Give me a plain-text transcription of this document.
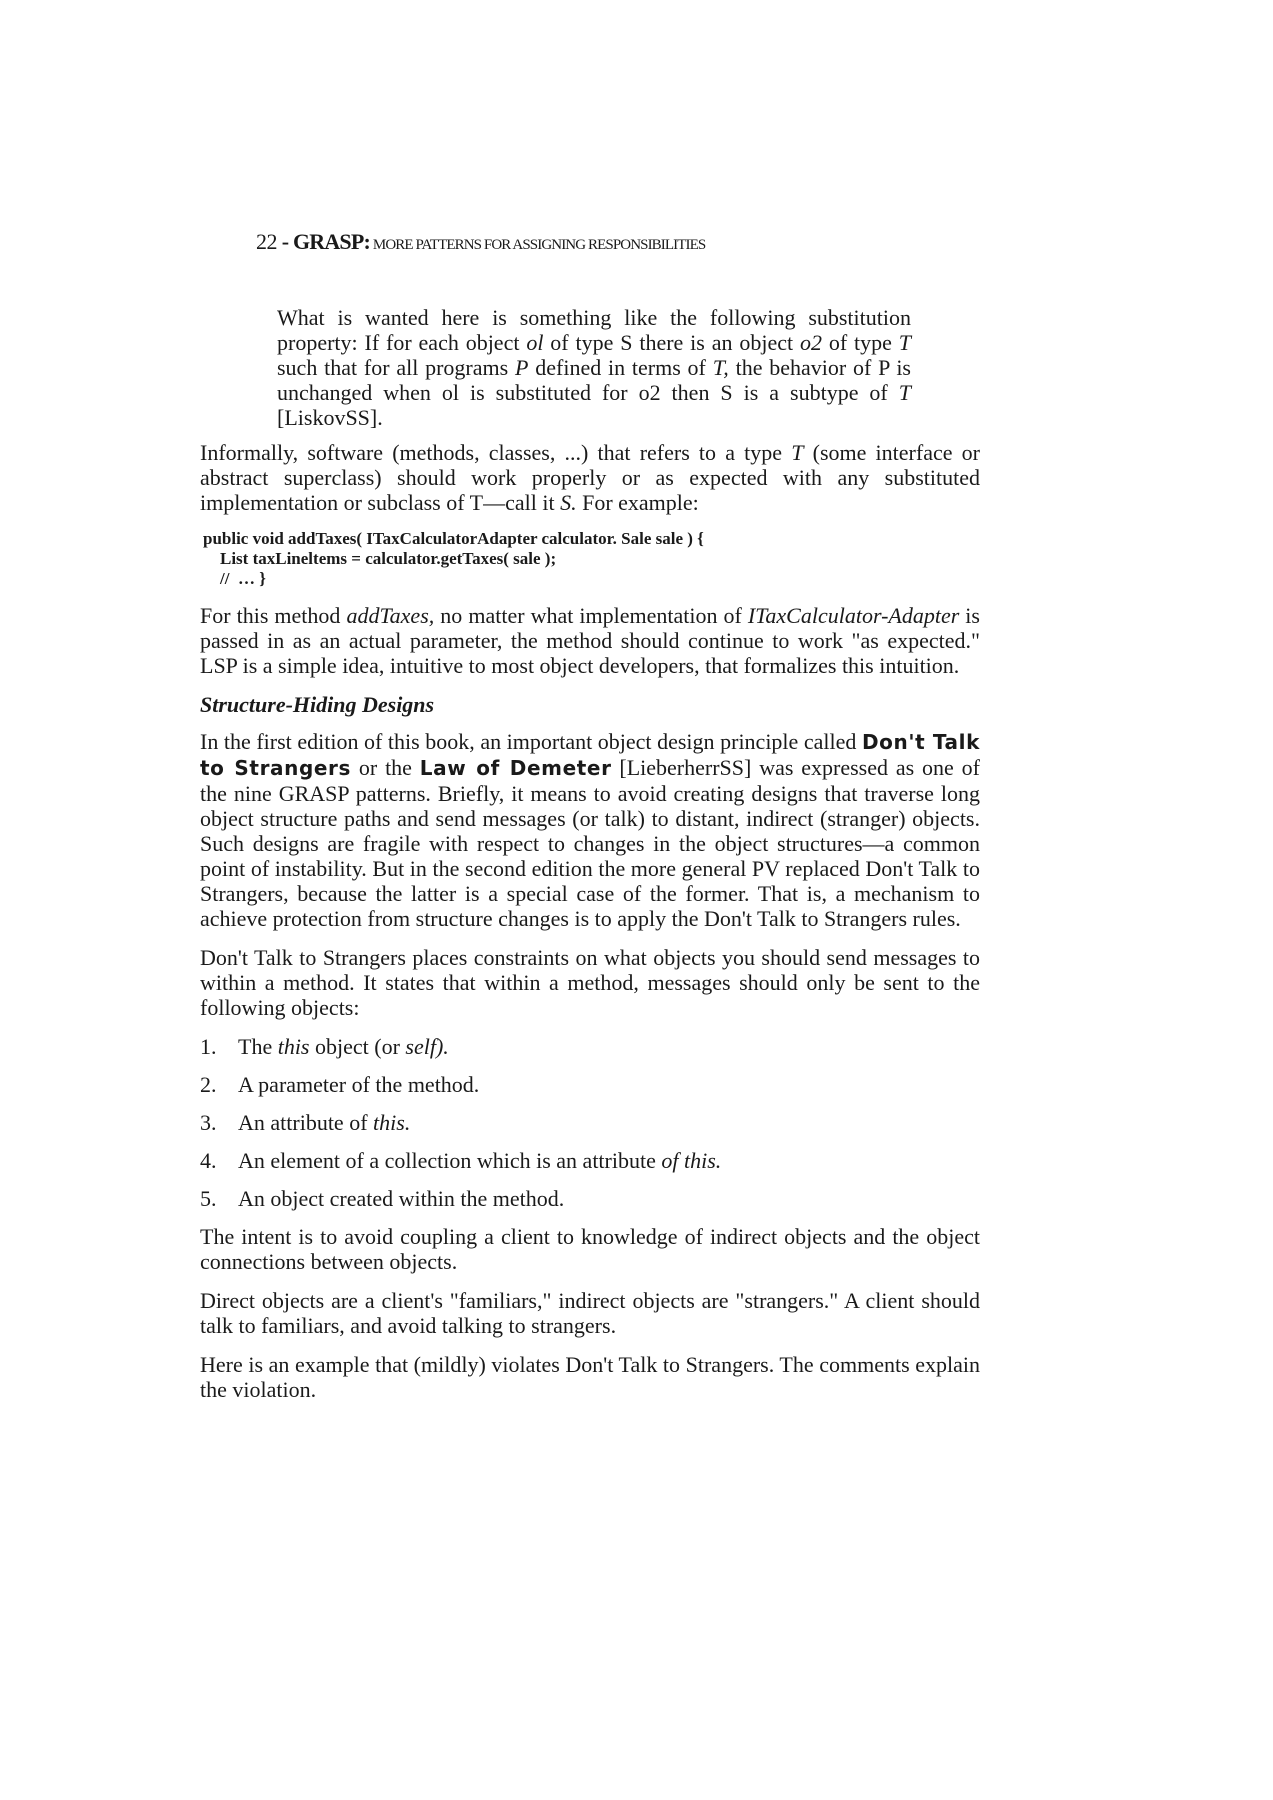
22 - GRASP: MORE PATTERNS FOR ASSIGNING RESPONSIBILITIES
What is wanted here is something like the following substitution property: If for each object ol of type S there is an object o2 of type T such that for all programs P defined in terms of T, the behavior of P is unchanged when ol is substituted for o2 then S is a subtype of T [LiskovSS].

Informally, software (methods, classes, ...) that refers to a type T (some interface or abstract superclass) should work properly or as expected with any substituted implementation or subclass of T—call it S. For example:

public void addTaxes( ITaxCalculatorAdapter calculator. Sale sale ) {
List taxLineltems = calculator.getTaxes( sale );
//  … }

For this method addTaxes, no matter what implementation of ITaxCalculator-Adapter is passed in as an actual parameter, the method should continue to work "as expected." LSP is a simple idea, intuitive to most object developers, that formalizes this intuition.

Structure-Hiding Designs

In the first edition of this book, an important object design principle called Don't Talk to Strangers or the Law of Demeter [LieberherrSS] was expressed as one of the nine GRASP patterns. Briefly, it means to avoid creating designs that traverse long object structure paths and send messages (or talk) to distant, indirect (stranger) objects. Such designs are fragile with respect to changes in the object structures—a common point of instability. But in the second edition the more general PV replaced Don't Talk to Strangers, because the latter is a special case of the former. That is, a mechanism to achieve protection from structure changes is to apply the Don't Talk to Strangers rules.

Don't Talk to Strangers places constraints on what objects you should send messages to within a method. It states that within a method, messages should only be sent to the following objects:

1. The this object (or self).
2. A parameter of the method.
3. An attribute of this.
4. An element of a collection which is an attribute of this.
5. An object created within the method.

The intent is to avoid coupling a client to knowledge of indirect objects and the object connections between objects.

Direct objects are a client's "familiars," indirect objects are "strangers." A client should talk to familiars, and avoid talking to strangers.

Here is an example that (mildly) violates Don't Talk to Strangers. The comments explain the violation.
